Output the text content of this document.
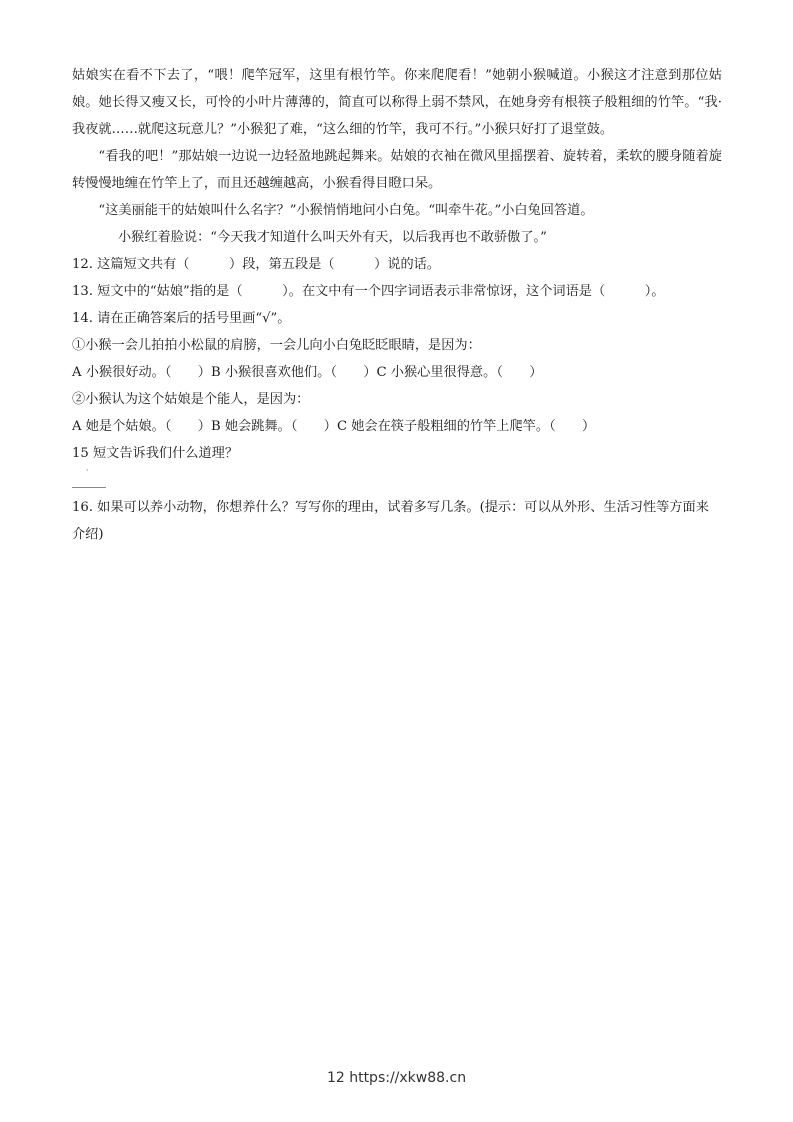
姑娘实在看不下去了，“喂！爬竿冠军，这里有根竹竿。你来爬爬看！”她朝小猴喊道。小猴这才注意到那位姑娘。她长得又瘦又长，可怜的小叶片薄薄的，简直可以称得上弱不禁风，在她身旁有根筷子般粗细的竹竿。“我·我夜就……就爬这玩意儿？”小猴犯了难，“这么细的竹竿，我可不行。”小猴只好打了退堂鼓。

“看我的吧！”那姑娘一边说一边轻盈地跳起舞来。姑娘的衣袖在微风里摇摆着、旋转着，柔软的腰身随着旋转慢慢地缠在竹竿上了，而且还越缠越高，小猴看得目瞪口呆。

“这美丽能干的姑娘叫什么名字？”小猴悄悄地问小白兔。“叫牵牛花。”小白兔回答道。

小猴红着脸说：“今天我才知道什么叫天外有天，以后我再也不敢骄傲了。”

12. 这篇短文共有（　　　）段，第五段是（　　　）说的话。

13. 短文中的“姑娘”指的是（　　　）。在文中有一个四字词语表示非常惊讶，这个词语是（　　　）。

14. 请在正确答案后的括号里画“√”。

①小猴一会儿拍拍小松鼠的肩膀，一会儿向小白兔眨眨眼睛，是因为：

A 小猴很好动。（　　）B 小猴很喜欢他们。（　　）C 小猴心里很得意。（　　）

②小猴认为这个姑娘是个能人，是因为：

A 她是个姑娘。（　　）B 她会跳舞。（　　）C 她会在筷子般粗细的竹竿上爬竿。（　　）

15 短文告诉我们什么道理？

·

16. 如果可以养小动物，你想养什么？写写你的理由，试着多写几条。(提示：可以从外形、生活习性等方面来介绍)

12 https://xkw88.cn
